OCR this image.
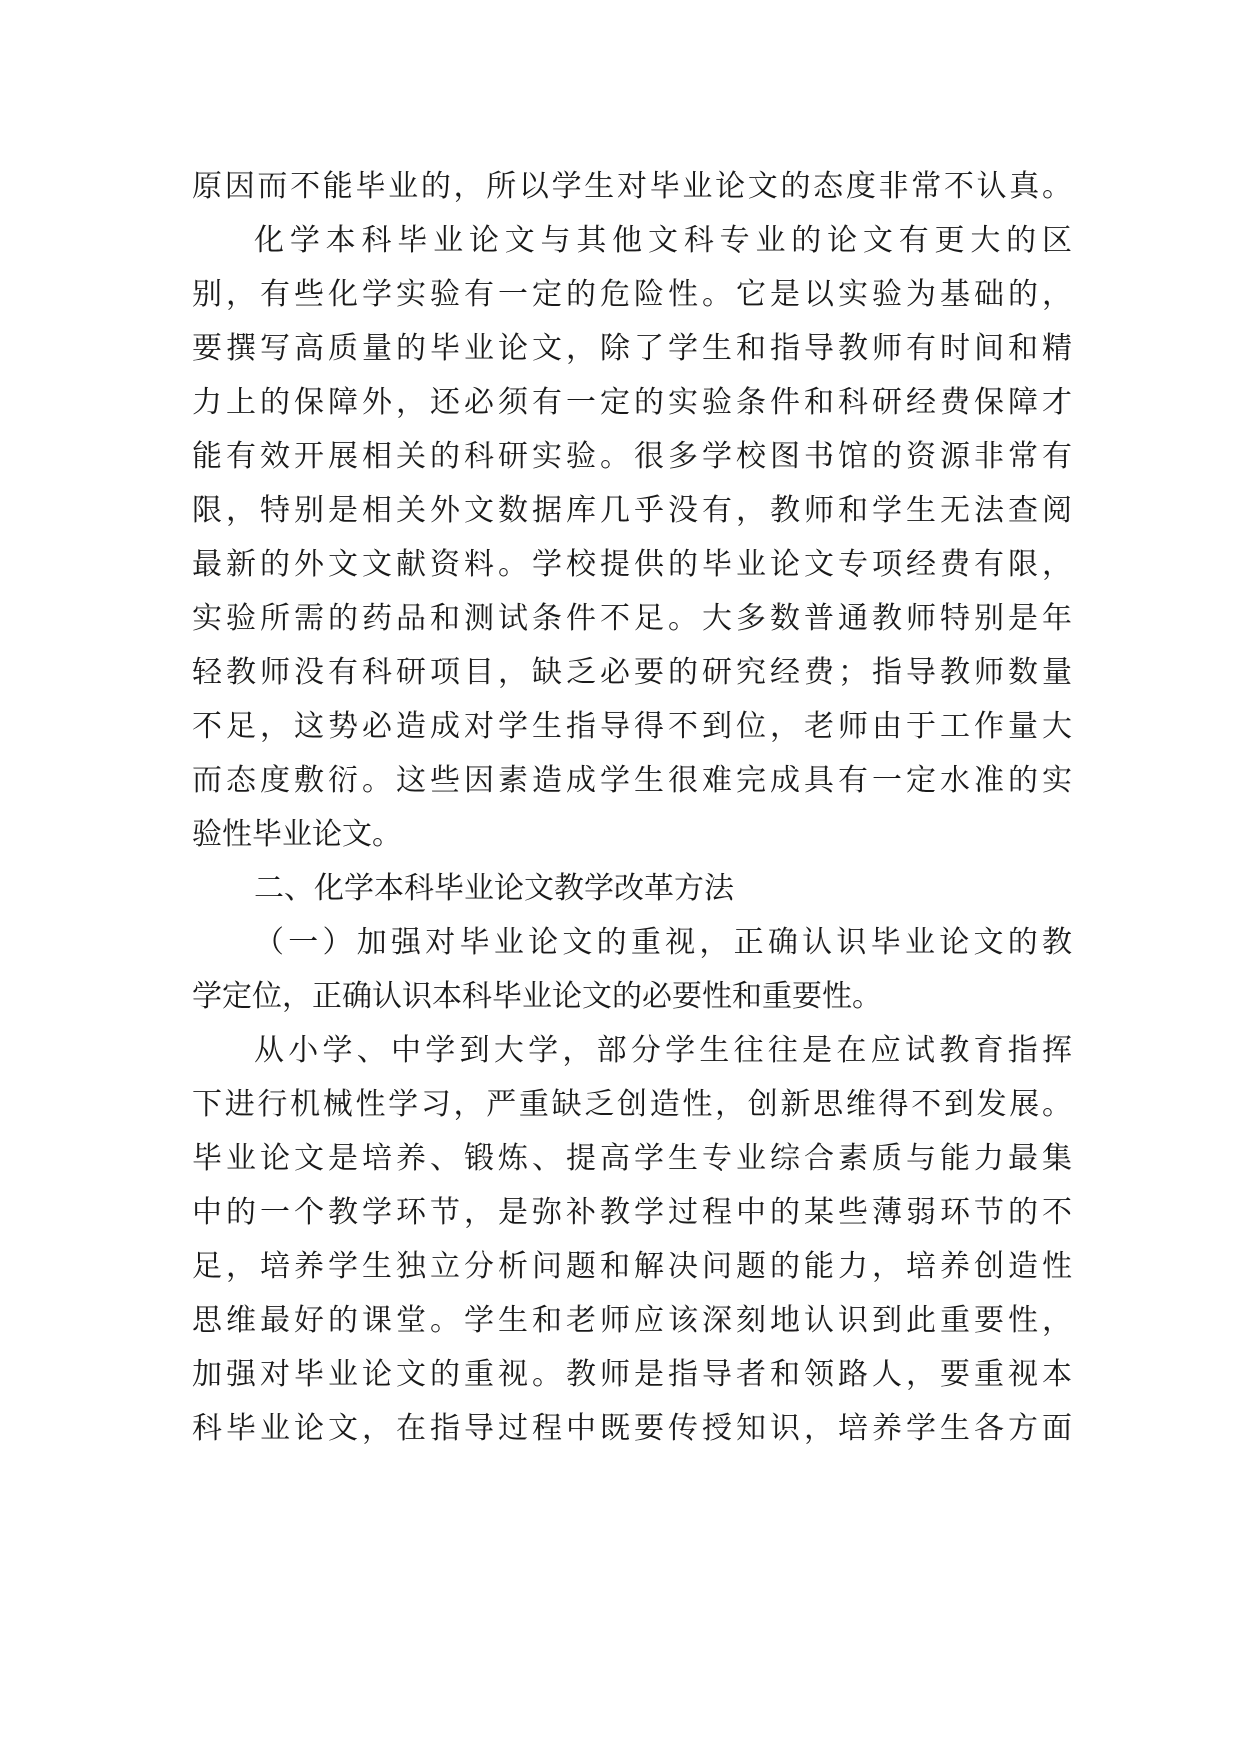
原因而不能毕业的，所以学生对毕业论文的态度非常不认真。
化学本科毕业论文与其他文科专业的论文有更大的区
别，有些化学实验有一定的危险性。它是以实验为基础的，
要撰写高质量的毕业论文，除了学生和指导教师有时间和精
力上的保障外，还必须有一定的实验条件和科研经费保障才
能有效开展相关的科研实验。很多学校图书馆的资源非常有
限，特别是相关外文数据库几乎没有，教师和学生无法查阅
最新的外文文献资料。学校提供的毕业论文专项经费有限，
实验所需的药品和测试条件不足。大多数普通教师特别是年
轻教师没有科研项目，缺乏必要的研究经费；指导教师数量
不足，这势必造成对学生指导得不到位，老师由于工作量大
而态度敷衍。这些因素造成学生很难完成具有一定水准的实
验性毕业论文。
二、化学本科毕业论文教学改革方法
（一）加强对毕业论文的重视，正确认识毕业论文的教
学定位，正确认识本科毕业论文的必要性和重要性。
从小学、中学到大学，部分学生往往是在应试教育指挥
下进行机械性学习，严重缺乏创造性，创新思维得不到发展。
毕业论文是培养、锻炼、提高学生专业综合素质与能力最集
中的一个教学环节，是弥补教学过程中的某些薄弱环节的不
足，培养学生独立分析问题和解决问题的能力，培养创造性
思维最好的课堂。学生和老师应该深刻地认识到此重要性，
加强对毕业论文的重视。教师是指导者和领路人，要重视本
科毕业论文，在指导过程中既要传授知识，培养学生各方面
